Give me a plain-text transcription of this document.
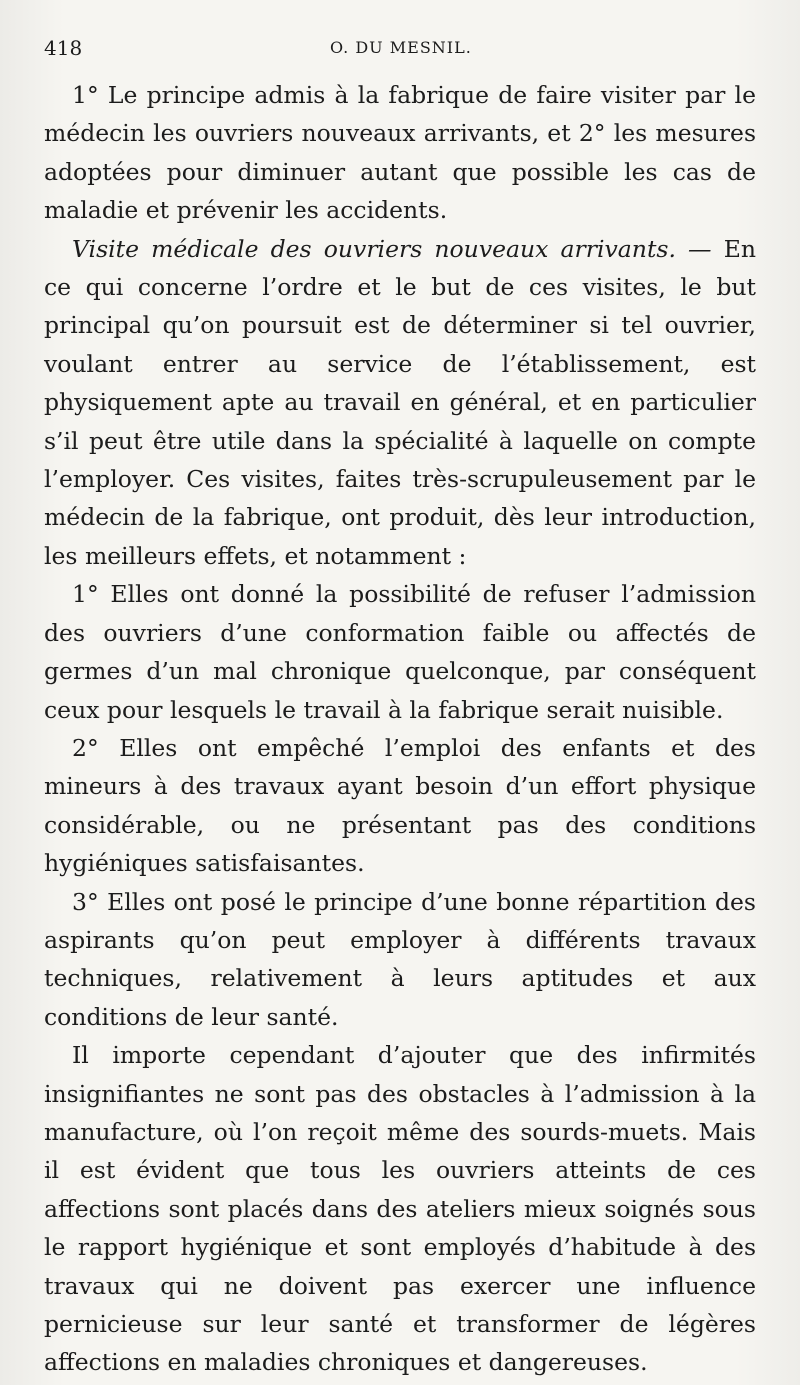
418	O. DU MESNIL.

1° Le principe admis à la fabrique de faire visiter par le médecin les ouvriers nouveaux arrivants, et 2° les mesures adoptées pour diminuer autant que possible les cas de maladie et prévenir les accidents.

Visite médicale des ouvriers nouveaux arrivants. — En ce qui concerne l’ordre et le but de ces visites, le but principal qu’on poursuit est de déterminer si tel ouvrier, voulant entrer au service de l’établissement, est physiquement apte au travail en général, et en particulier s’il peut être utile dans la spécialité à laquelle on compte l’employer. Ces visites, faites très-scrupuleusement par le médecin de la fabrique, ont produit, dès leur introduction, les meilleurs effets, et notamment :

1° Elles ont donné la possibilité de refuser l’admission des ouvriers d’une conformation faible ou affectés de germes d’un mal chronique quelconque, par conséquent ceux pour lesquels le travail à la fabrique serait nuisible.

2° Elles ont empêché l’emploi des enfants et des mineurs à des travaux ayant besoin d’un effort physique considérable, ou ne présentant pas des conditions hygiéniques satisfaisantes.

3° Elles ont posé le principe d’une bonne répartition des aspirants qu’on peut employer à différents travaux techniques, relativement à leurs aptitudes et aux conditions de leur santé.

Il importe cependant d’ajouter que des infirmités insignifiantes ne sont pas des obstacles à l’admission à la manufacture, où l’on reçoit même des sourds-muets. Mais il est évident que tous les ouvriers atteints de ces affections sont placés dans des ateliers mieux soignés sous le rapport hygiénique et sont employés d’habitude à des travaux qui ne doivent pas exercer une influence pernicieuse sur leur santé et transformer de légères affections en maladies chroniques et dangereuses.
